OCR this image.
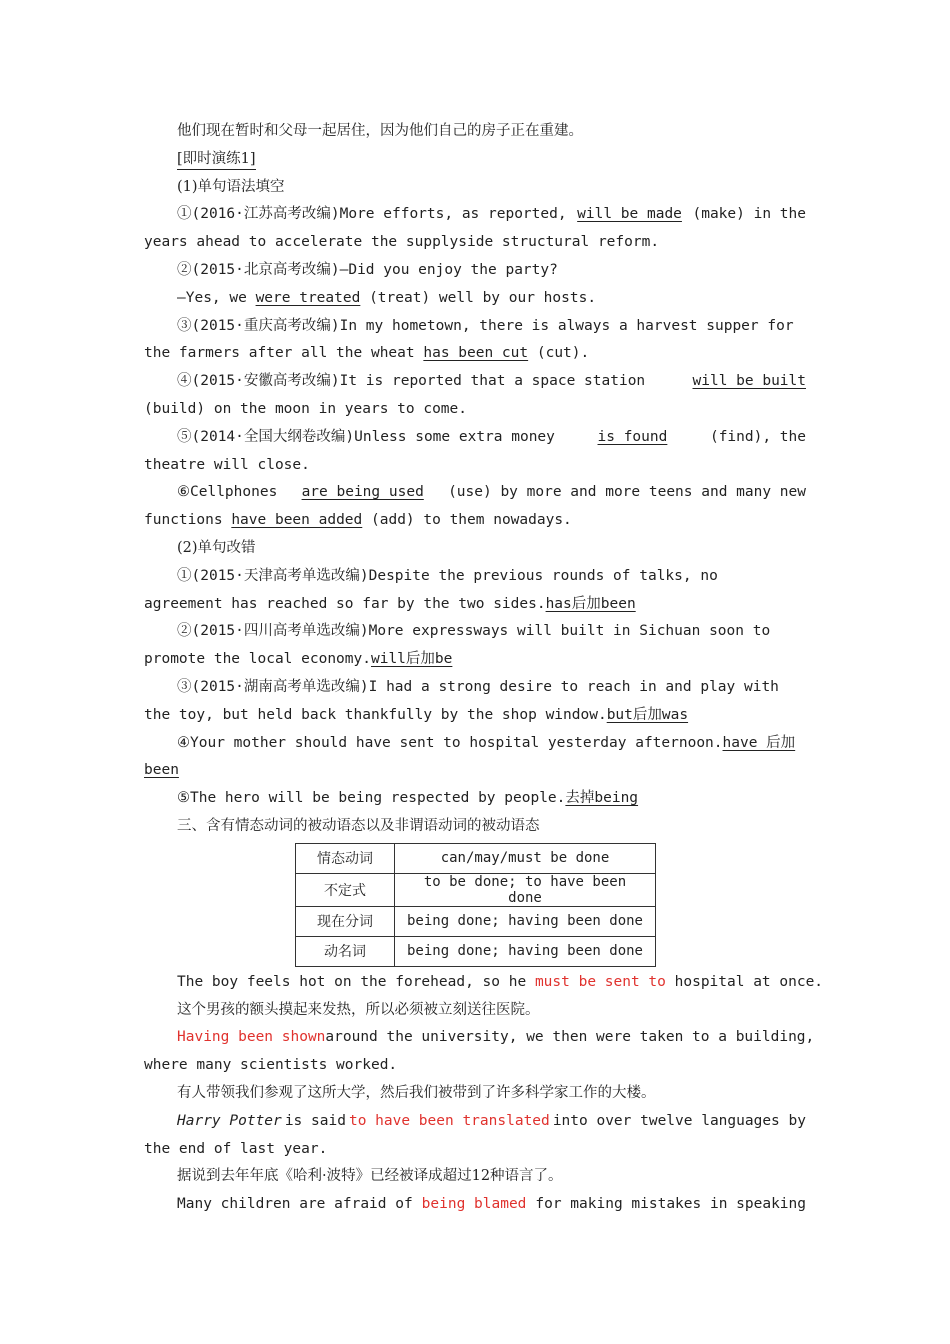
他们现在暂时和父母一起居住，因为他们自己的房子正在重建。
[即时演练1]
(1)单句语法填空
①(2016·江苏高考改编)More efforts, as reported, will be made (make) in the
years ahead to accelerate the supplyside structural reform.
②(2015·北京高考改编)—Did you enjoy the party?
—Yes, we were treated (treat) well by our hosts.
③(2015·重庆高考改编)In my hometown, there is always a harvest supper for
the farmers after all the wheat has been cut (cut).
④(2015·安徽高考改编)It is reported that a space station	will be built
(build) on the moon in years to come.
⑤(2014·全国大纲卷改编)Unless some extra money	is found	(find), the
theatre will close.
⑥Cellphones are being used (use) by more and more teens and many new
functions have been added (add) to them nowadays.
(2)单句改错
①(2015·天津高考单选改编)Despite the previous rounds of talks, no
agreement has reached so far by the two sides.has后加been
②(2015·四川高考单选改编)More expressways will built in Sichuan soon to
promote the local economy.will后加be
③(2015·湖南高考单选改编)I had a strong desire to reach in and play with
the toy, but held back thankfully by the shop window.but后加was
④Your mother should have sent to hospital yesterday afternoon.have 后加
been
⑤The hero will be being respected by people.去掉being
三、含有情态动词的被动语态以及非谓语动词的被动语态
情态动词	can/may/must be done
不定式	to be done; to have been done
现在分词	being done; having been done
动名词	being done; having been done
The boy feels hot on the forehead, so he must be sent to hospital at once.
这个男孩的额头摸起来发热，所以必须被立刻送往医院。
Having been shown around the university, we then were taken to a building,
where many scientists worked.
有人带领我们参观了这所大学，然后我们被带到了许多科学家工作的大楼。
Harry Potter is said to have been translated into over twelve languages by
the end of last year.
据说到去年年底《哈利·波特》已经被译成超过12种语言了。
Many children are afraid of being blamed for making mistakes in speaking
